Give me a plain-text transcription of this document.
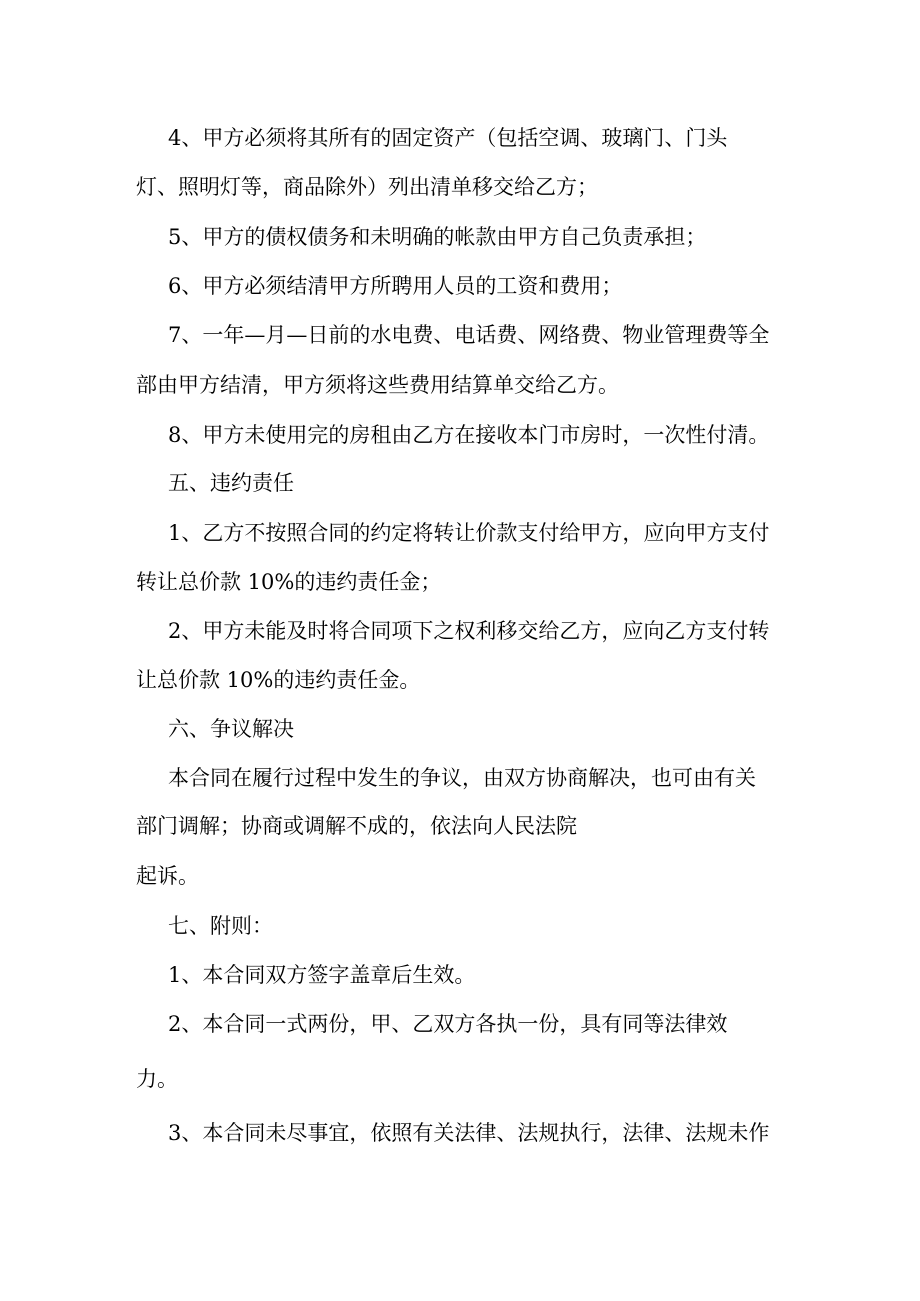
4、甲方必须将其所有的固定资产（包括空调、玻璃门、门头

灯、照明灯等，商品除外）列出清单移交给乙方；

5、甲方的债权债务和未明确的帐款由甲方自己负责承担；

6、甲方必须结清甲方所聘用人员的工资和费用；

7、一年—月—日前的水电费、电话费、网络费、物业管理费等全

部由甲方结清，甲方须将这些费用结算单交给乙方。

8、甲方未使用完的房租由乙方在接收本门市房时，一次性付清。

五、违约责任

1、乙方不按照合同的约定将转让价款支付给甲方，应向甲方支付

转让总价款 10%的违约责任金；

2、甲方未能及时将合同项下之权利移交给乙方，应向乙方支付转

让总价款 10%的违约责任金。

六、争议解决

本合同在履行过程中发生的争议，由双方协商解决，也可由有关

部门调解；协商或调解不成的，依法向人民法院

起诉。

七、附则：

1、本合同双方签字盖章后生效。

2、本合同一式两份，甲、乙双方各执一份，具有同等法律效

力。

3、本合同未尽事宜，依照有关法律、法规执行，法律、法规未作
